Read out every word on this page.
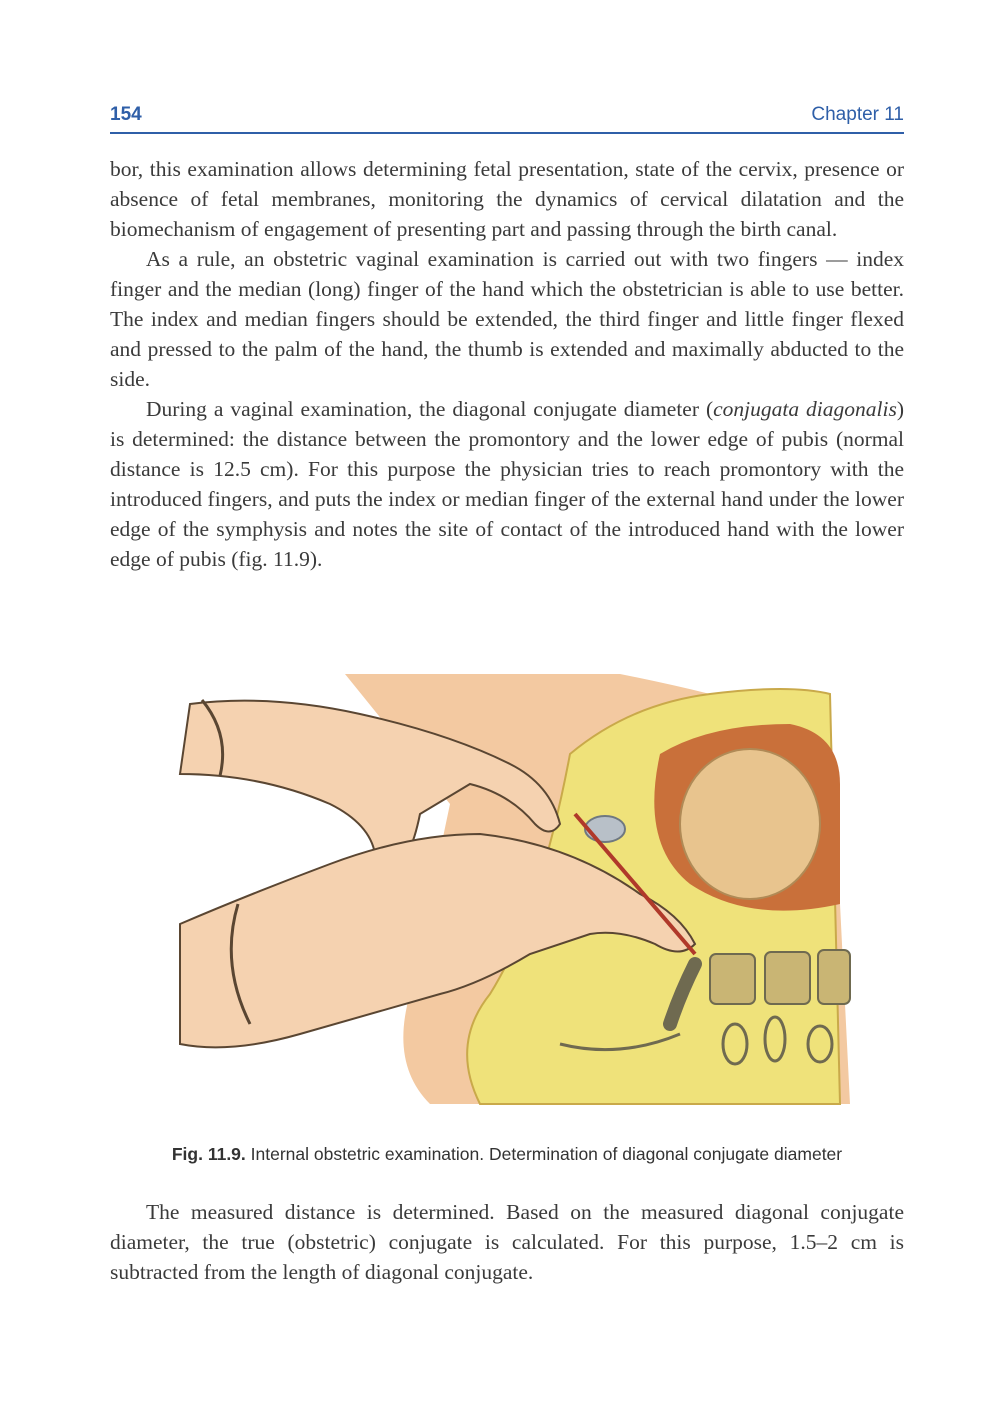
154	Chapter 11

bor, this examination allows determining fetal presentation, state of the cervix, presence or absence of fetal membranes, monitoring the dynamics of cervical dilatation and the biomechanism of engagement of presenting part and passing through the birth canal.

As a rule, an obstetric vaginal examination is carried out with two fingers — index finger and the median (long) finger of the hand which the obstetrician is able to use better. The index and median fingers should be extended, the third finger and little finger flexed and pressed to the palm of the hand, the thumb is extended and maximally abducted to the side.

During a vaginal examination, the diagonal conjugate diameter (conjugata diagonalis) is determined: the distance between the promontory and the lower edge of pubis (normal distance is 12.5 cm). For this purpose the physician tries to reach promontory with the introduced fingers, and puts the index or median finger of the external hand under the lower edge of the symphysis and notes the site of contact of the introduced hand with the lower edge of pubis (fig. 11.9).

Fig. 11.9. Internal obstetric examination. Determination of diagonal conjugate diameter

The measured distance is determined. Based on the measured diagonal conjugate diameter, the true (obstetric) conjugate is calculated. For this purpose, 1.5–2 cm is subtracted from the length of diagonal conjugate.
